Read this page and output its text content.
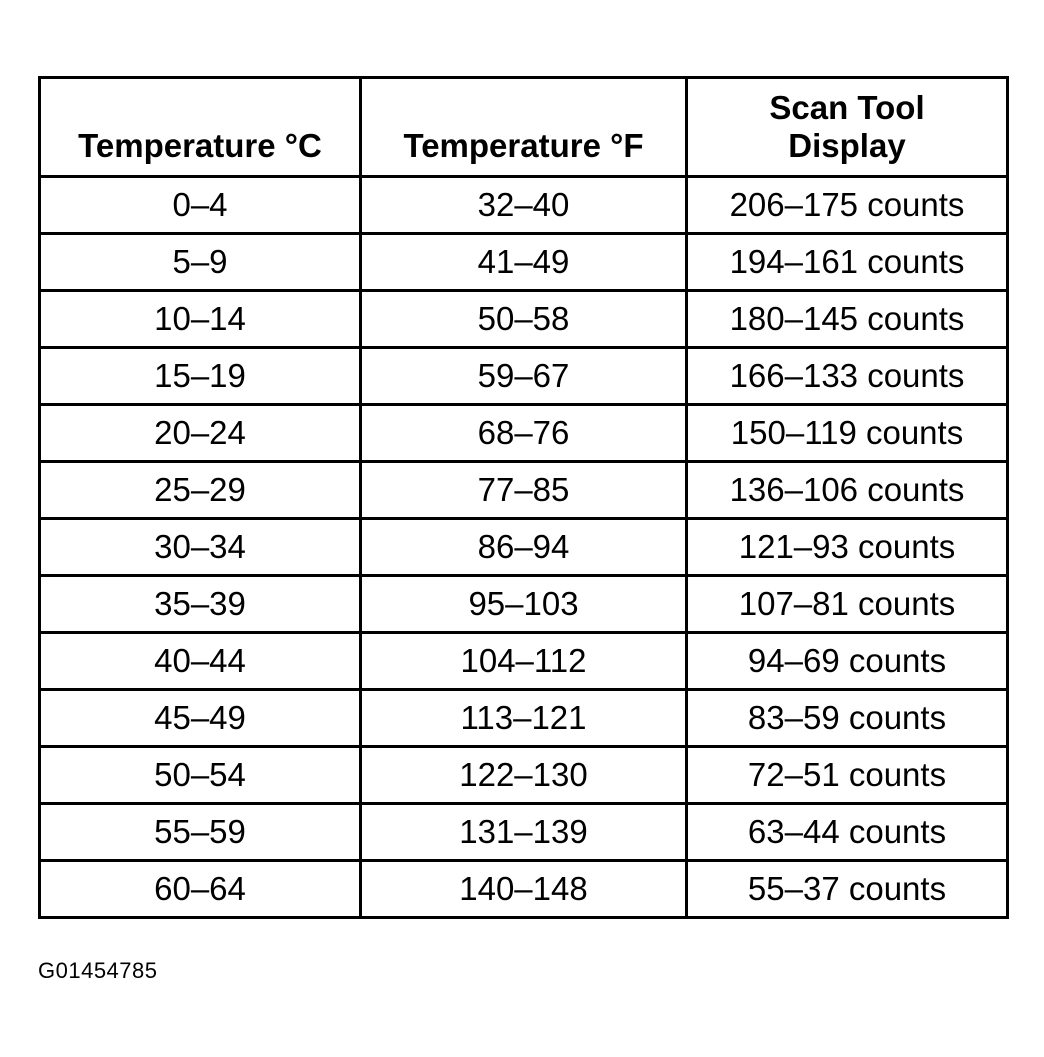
Temperature °C	Temperature °F	Scan Tool
Display

0–4	32–40	206–175 counts
5–9	41–49	194–161 counts
10–14	50–58	180–145 counts
15–19	59–67	166–133 counts
20–24	68–76	150–119 counts
25–29	77–85	136–106 counts
30–34	86–94	121–93 counts
35–39	95–103	107–81 counts
40–44	104–112	94–69 counts
45–49	113–121	83–59 counts
50–54	122–130	72–51 counts
55–59	131–139	63–44 counts
60–64	140–148	55–37 counts
G01454785
